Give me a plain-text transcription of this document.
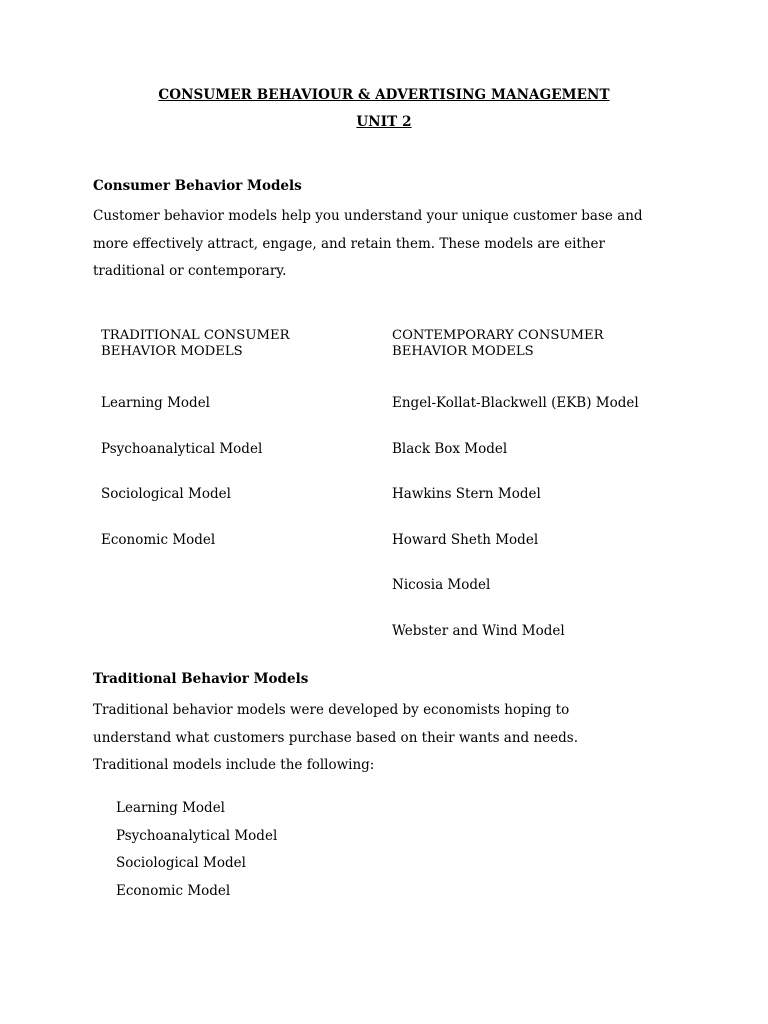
CONSUMER BEHAVIOUR & ADVERTISING MANAGEMENT
UNIT 2
Consumer Behavior Models
Customer behavior models help you understand your unique customer base and
more effectively attract, engage, and retain them. These models are either
traditional or contemporary.
TRADITIONAL CONSUMER
BEHAVIOR MODELS
Learning Model
Psychoanalytical Model
Sociological Model
Economic Model
CONTEMPORARY CONSUMER
BEHAVIOR MODELS
Engel-Kollat-Blackwell (EKB) Model
Black Box Model
Hawkins Stern Model
Howard Sheth Model
Nicosia Model
Webster and Wind Model
Traditional Behavior Models
Traditional behavior models were developed by economists hoping to
understand what customers purchase based on their wants and needs.
Traditional models include the following:
Learning Model
Psychoanalytical Model
Sociological Model
Economic Model
